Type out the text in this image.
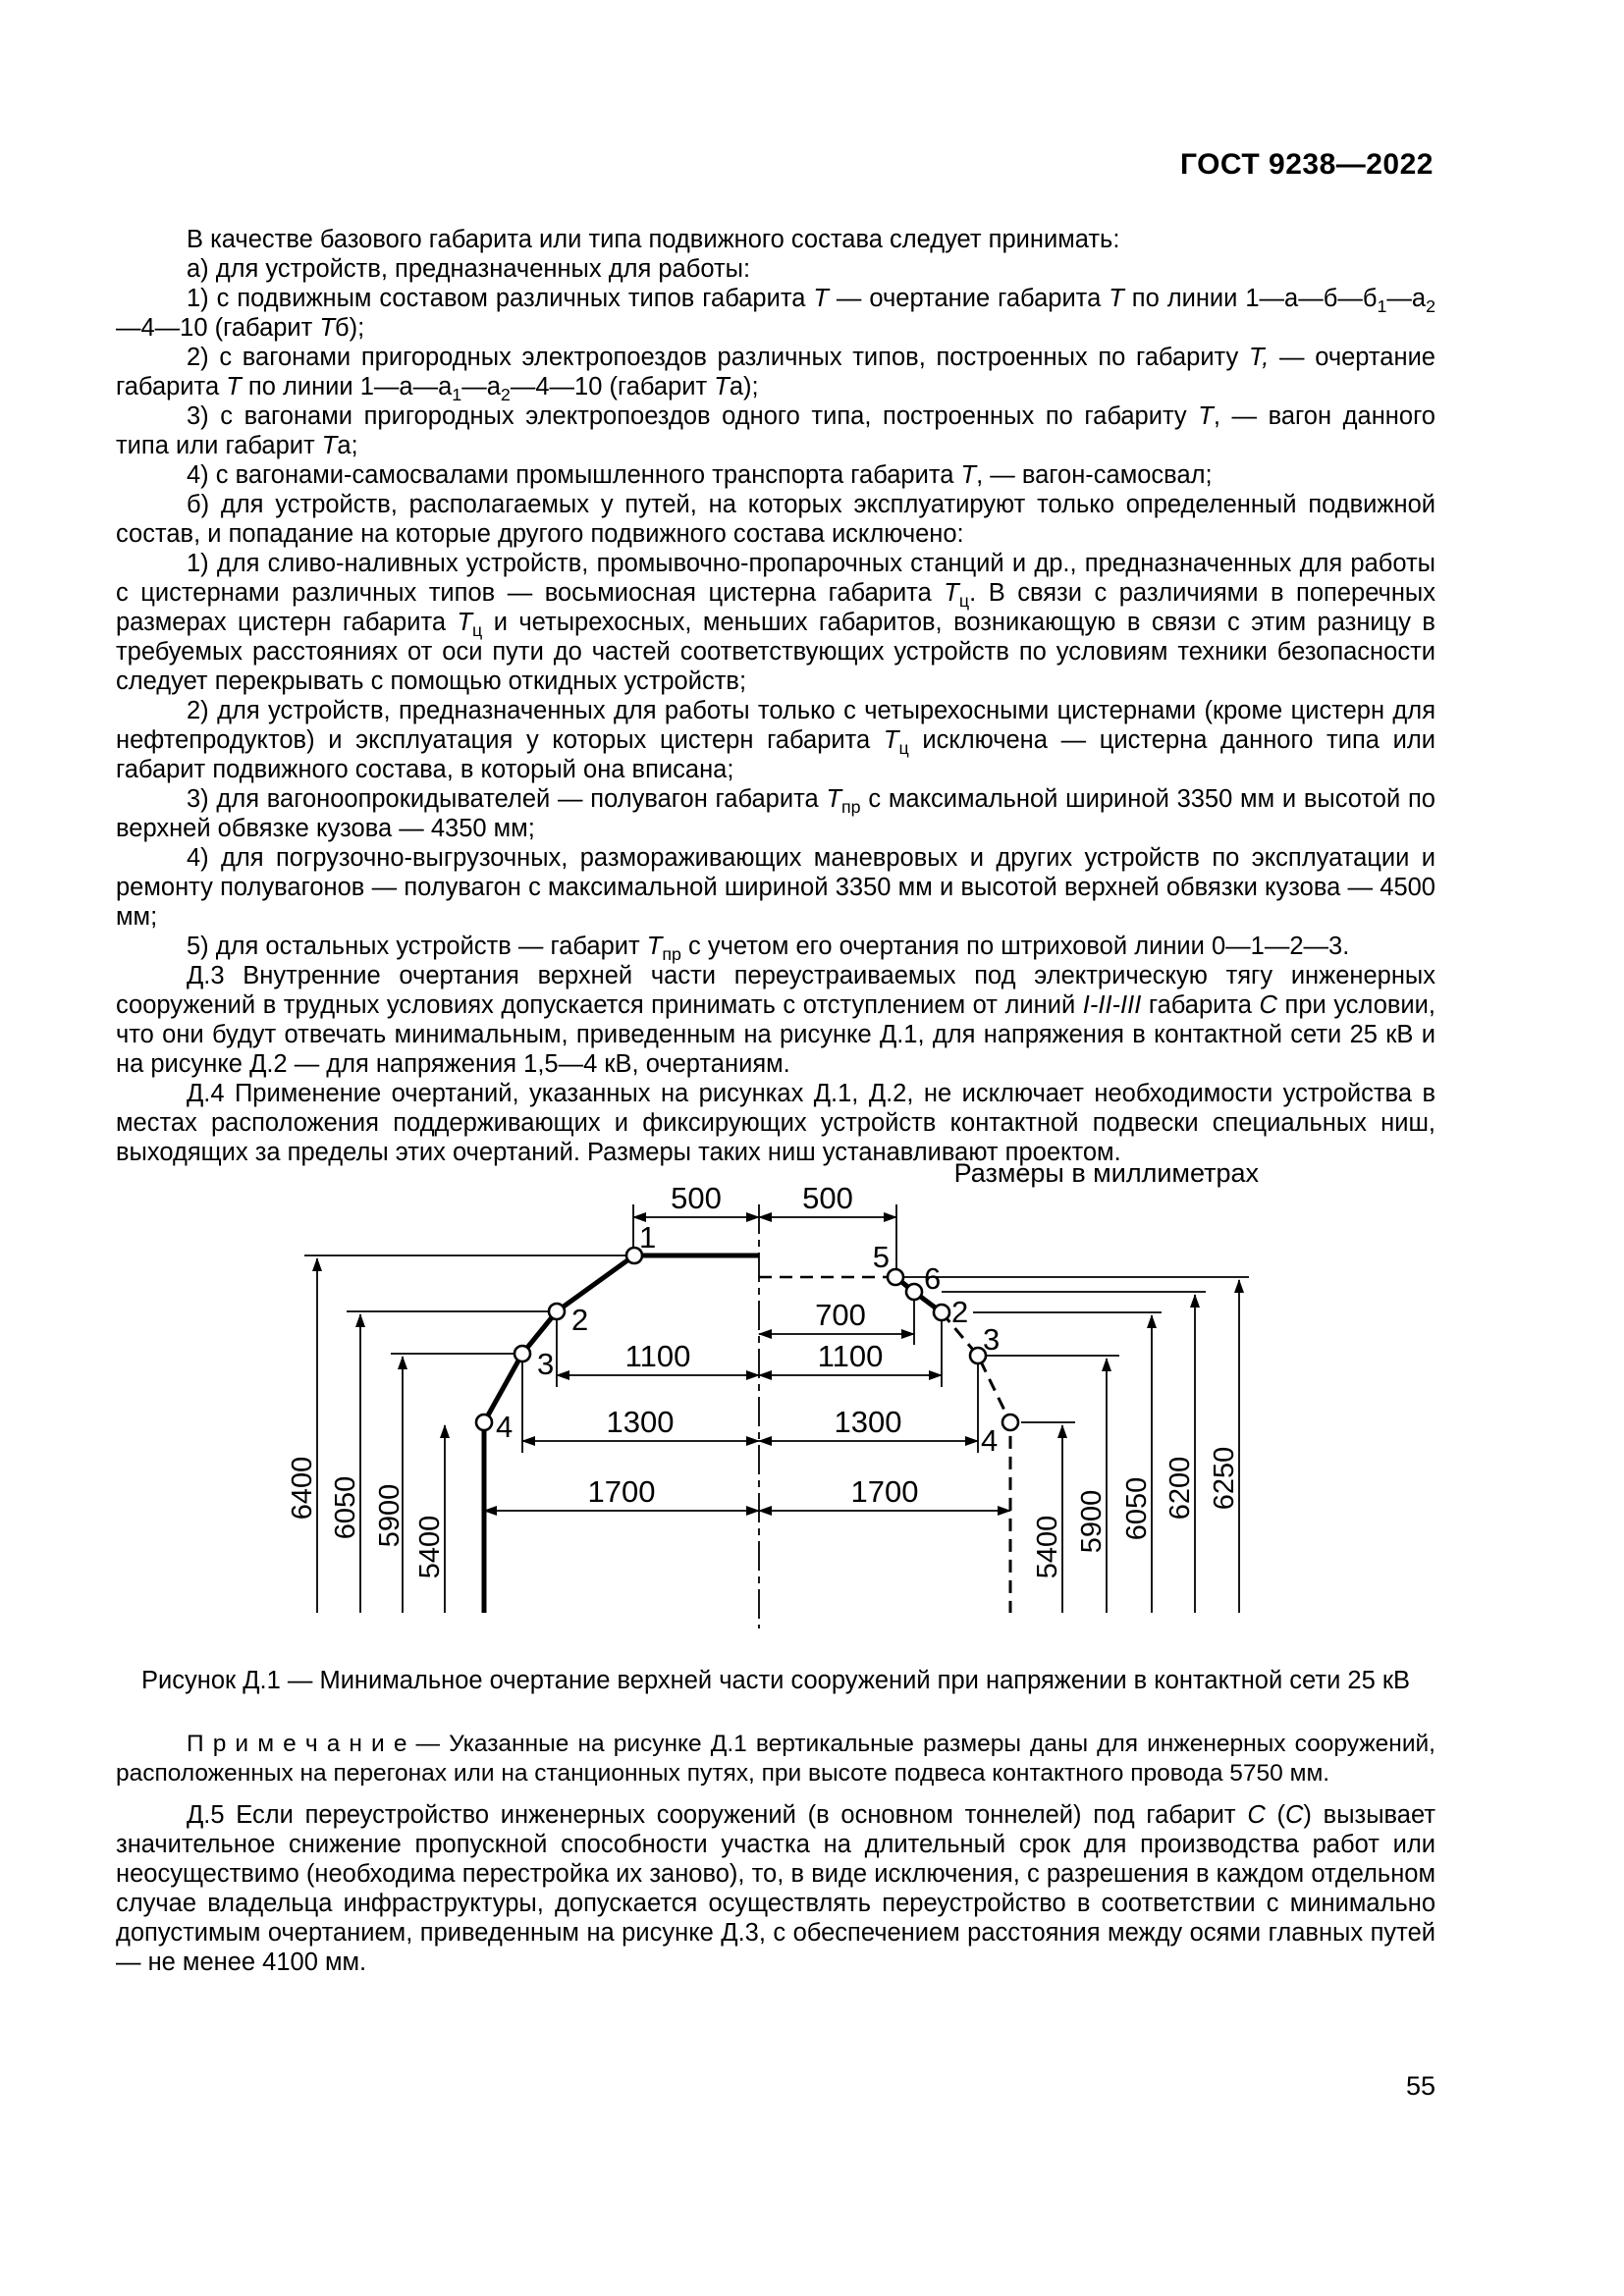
ГОСТ 9238—2022

В качестве базового габарита или типа подвижного состава следует принимать:

а) для устройств, предназначенных для работы:

1) с подвижным составом различных типов габарита Т — очертание габарита Т по линии $1—а—б—б_1—а_2—4—10$ (габарит Тб);

2) с вагонами пригородных электропоездов различных типов, построенных по габариту Т, — очертание габарита Т по линии $1—а—а_1—а_2—4—10$ (габарит Та);

3) с вагонами пригородных электропоездов одного типа, построенных по габариту Т, — вагон данного типа или габарит Та;

4) с вагонами-самосвалами промышленного транспорта габарита Т, — вагон-самосвал;

б) для устройств, располагаемых у путей, на которых эксплуатируют только определенный подвижной состав, и попадание на которые другого подвижного состава исключено:

1) для сливо-наливных устройств, промывочно-пропарочных станций и др., предназначенных для работы с цистернами различных типов — восьмиосная цистерна габарита $Т_ц$. В связи с различиями в поперечных размерах цистерн габарита $Т_ц$ и четырехосных, меньших габаритов, возникающую в связи с этим разницу в требуемых расстояниях от оси пути до частей соответствующих устройств по условиям техники безопасности следует перекрывать с помощью откидных устройств;

2) для устройств, предназначенных для работы только с четырехосными цистернами (кроме цистерн для нефтепродуктов) и эксплуатация у которых цистерн габарита $Т_ц$ исключена — цистерна данного типа или габарит подвижного состава, в который она вписана;

3) для вагоноопрокидывателей — полувагон габарита $Т_{пр}$ с максимальной шириной 3350 мм и высотой по верхней обвязке кузова — 4350 мм;

4) для погрузочно-выгрузочных, размораживающих маневровых и других устройств по эксплуатации и ремонту полувагонов — полувагон с максимальной шириной 3350 мм и высотой верхней обвязки кузова — 4500 мм;

5) для остальных устройств — габарит $Т_{пр}$ с учетом его очертания по штриховой линии 0—1—2—3.

Д.3 Внутренние очертания верхней части переустраиваемых под электрическую тягу инженерных сооружений в трудных условиях допускается принимать с отступлением от линий I-II-III габарита С при условии, что они будут отвечать минимальным, приведенным на рисунке Д.1, для напряжения в контактной сети 25 кВ и на рисунке Д.2 — для напряжения 1,5—4 кВ, очертаниям.

Д.4 Применение очертаний, указанных на рисунках Д.1, Д.2, не исключает необходимости устройства в местах расположения поддерживающих и фиксирующих устройств контактной подвески специальных ниш, выходящих за пределы этих очертаний. Размеры таких ниш устанавливают проектом.

Размеры в миллиметрах
500	500
700
1100	1100
1300	1300
1700	1700
6400 6050 5900 5400	5400 5900 6050 6200 6250
1
2
3
4
5
6
2
3
4
Рисунок Д.1 — Минимальное очертание верхней части сооружений при напряжении в контактной сети 25 кВ

П р и м е ч а н и е — Указанные на рисунке Д.1 вертикальные размеры даны для инженерных сооружений, расположенных на перегонах или на станционных путях, при высоте подвеса контактного провода 5750 мм.

Д.5 Если переустройство инженерных сооружений (в основном тоннелей) под габарит С (С) вызывает значительное снижение пропускной способности участка на длительный срок для производства работ или неосуществимо (необходима перестройка их заново), то, в виде исключения, с разрешения в каждом отдельном случае владельца инфраструктуры, допускается осуществлять переустройство в соответствии с минимально допустимым очертанием, приведенным на рисунке Д.3, с обеспечением расстояния между осями главных путей — не менее 4100 мм.

55
